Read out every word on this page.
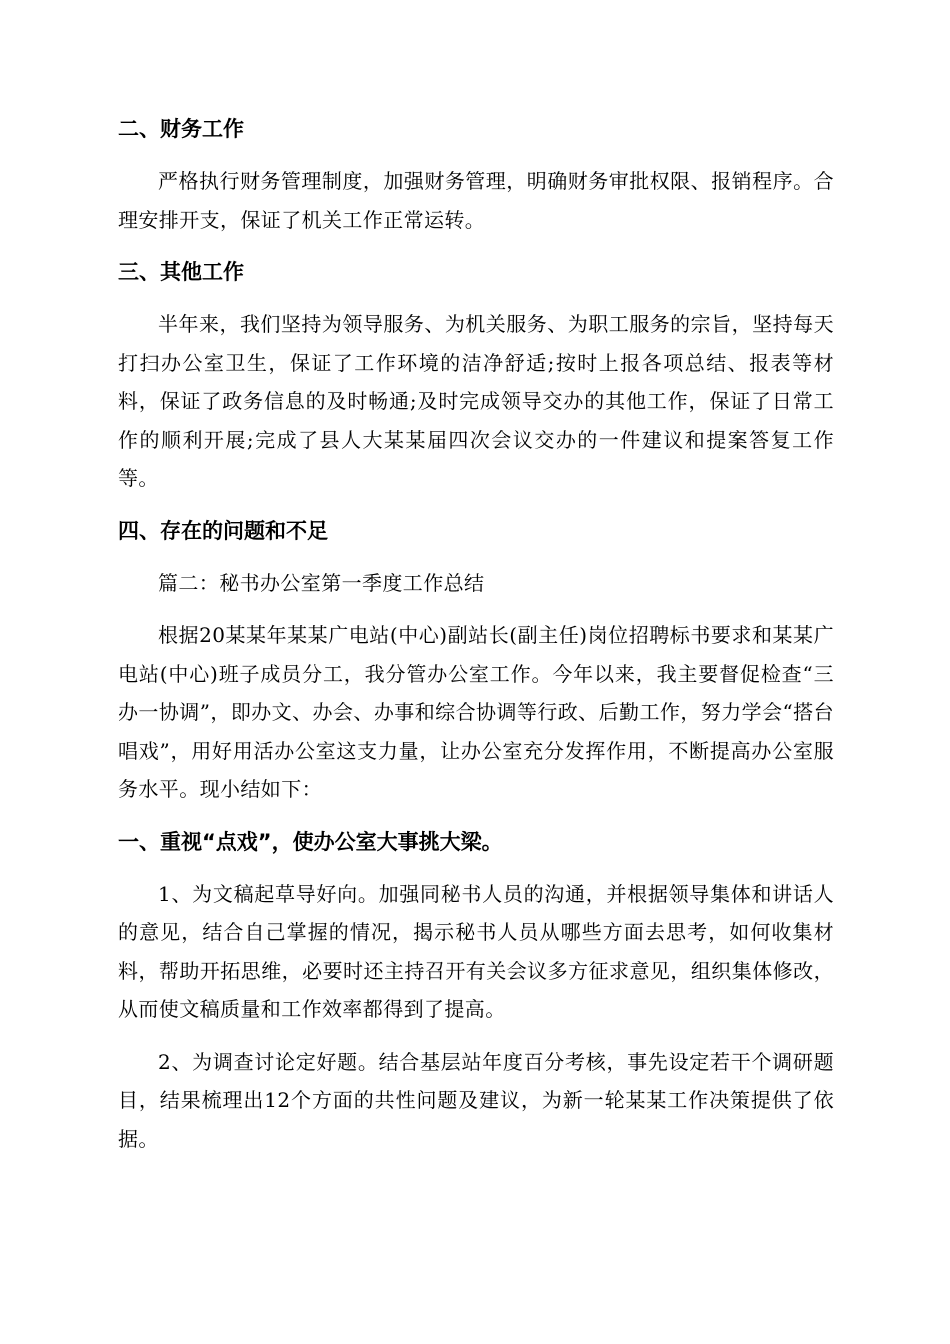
二、财务工作

严格执行财务管理制度，加强财务管理，明确财务审批权限、报销程序。合理安排开支，保证了机关工作正常运转。

三、其他工作

半年来，我们坚持为领导服务、为机关服务、为职工服务的宗旨，坚持每天打扫办公室卫生，保证了工作环境的洁净舒适;按时上报各项总结、报表等材料，保证了政务信息的及时畅通;及时完成领导交办的其他工作，保证了日常工作的顺利开展;完成了县人大某某届四次会议交办的一件建议和提案答复工作等。

四、存在的问题和不足

篇二：秘书办公室第一季度工作总结

根据20某某年某某广电站(中心)副站长(副主任)岗位招聘标书要求和某某广电站(中心)班子成员分工，我分管办公室工作。今年以来，我主要督促检查“三办一协调”，即办文、办会、办事和综合协调等行政、后勤工作，努力学会“搭台唱戏”，用好用活办公室这支力量，让办公室充分发挥作用，不断提高办公室服务水平。现小结如下：

一、重视“点戏”，使办公室大事挑大梁。

1、为文稿起草导好向。加强同秘书人员的沟通，并根据领导集体和讲话人的意见，结合自己掌握的情况，揭示秘书人员从哪些方面去思考，如何收集材料，帮助开拓思维，必要时还主持召开有关会议多方征求意见，组织集体修改，从而使文稿质量和工作效率都得到了提高。

2、为调查讨论定好题。结合基层站年度百分考核，事先设定若干个调研题目，结果梳理出12个方面的共性问题及建议，为新一轮某某工作决策提供了依据。
